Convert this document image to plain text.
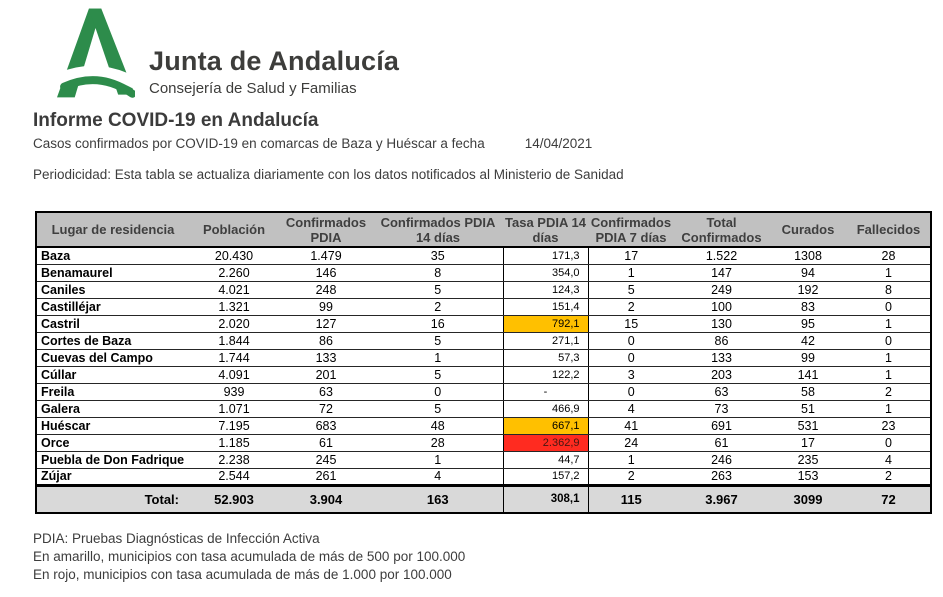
Junta de Andalucía
Consejería de Salud y Familias
Informe COVID-19 en Andalucía

Casos confirmados por COVID-19 en comarcas de Baza y Huéscar a fecha	14/04/2021

Periodicidad: Esta tabla se actualiza diariamente con los datos notificados al Ministerio de Sanidad

Lugar de residencia	Población	Confirmados PDIA	Confirmados PDIA 14 días	Tasa PDIA 14 días	Confirmados PDIA 7 días	Total Confirmados	Curados	Fallecidos
Baza	20.430	1.479	35	171,3	17	1.522	1308	28
Benamaurel	2.260	146	8	354,0	1	147	94	1
Caniles	4.021	248	5	124,3	5	249	192	8
Castilléjar	1.321	99	2	151,4	2	100	83	0
Castril	2.020	127	16	792,1	15	130	95	1
Cortes de Baza	1.844	86	5	271,1	0	86	42	0
Cuevas del Campo	1.744	133	1	57,3	0	133	99	1
Cúllar	4.091	201	5	122,2	3	203	141	1
Freila	939	63	0	-	0	63	58	2
Galera	1.071	72	5	466,9	4	73	51	1
Huéscar	7.195	683	48	667,1	41	691	531	23
Orce	1.185	61	28	2.362,9	24	61	17	0
Puebla de Don Fadrique	2.238	245	1	44,7	1	246	235	4
Zújar	2.544	261	4	157,2	2	263	153	2
Total:	52.903	3.904	163	308,1	115	3.967	3099	72

PDIA: Pruebas Diagnósticas de Infección Activa

En amarillo, municipios con tasa acumulada de más de 500 por 100.000

En rojo, municipios con tasa acumulada de más de 1.000 por 100.000
